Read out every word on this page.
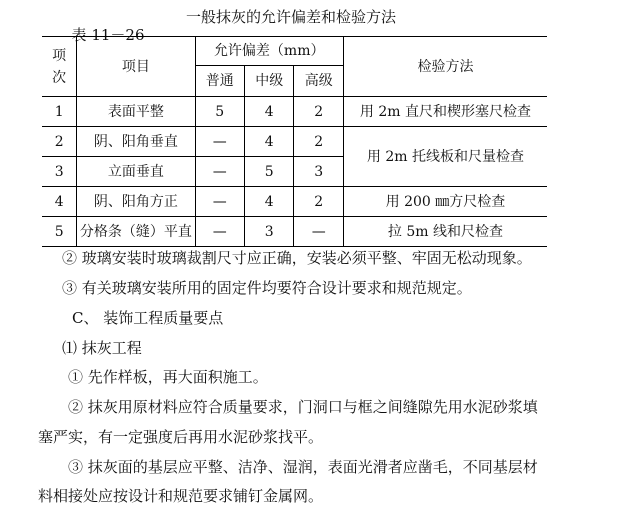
表 11－26

一般抹灰的允许偏差和检验方法

项
次	项目	允许偏差（mm）			检验方法
		普通	中级	高级	
1	表面平整	5	4	2	用 2m 直尺和楔形塞尺检查
2	阴、阳角垂直	—	4	2	用 2m 托线板和尺量检查
3	立面垂直	—	5	3	
4	阴、阳角方正	—	4	2	用 200 ㎜方尺检查
5	分格条（缝）平直	—	3	—	拉 5m 线和尺检查
② 玻璃安装时玻璃裁割尺寸应正确，安装必须平整、牢固无松动现象。
③ 有关玻璃安装所用的固定件均要符合设计要求和规范规定。
C、 装饰工程质量要点
⑴ 抹灰工程
① 先作样板，再大面积施工。
② 抹灰用原材料应符合质量要求，门洞口与框之间缝隙先用水泥砂浆填
塞严实，有一定强度后再用水泥砂浆找平。
③ 抹灰面的基层应平整、洁净、湿润，表面光滑者应凿毛，不同基层材
料相接处应按设计和规范要求铺钉金属网。
